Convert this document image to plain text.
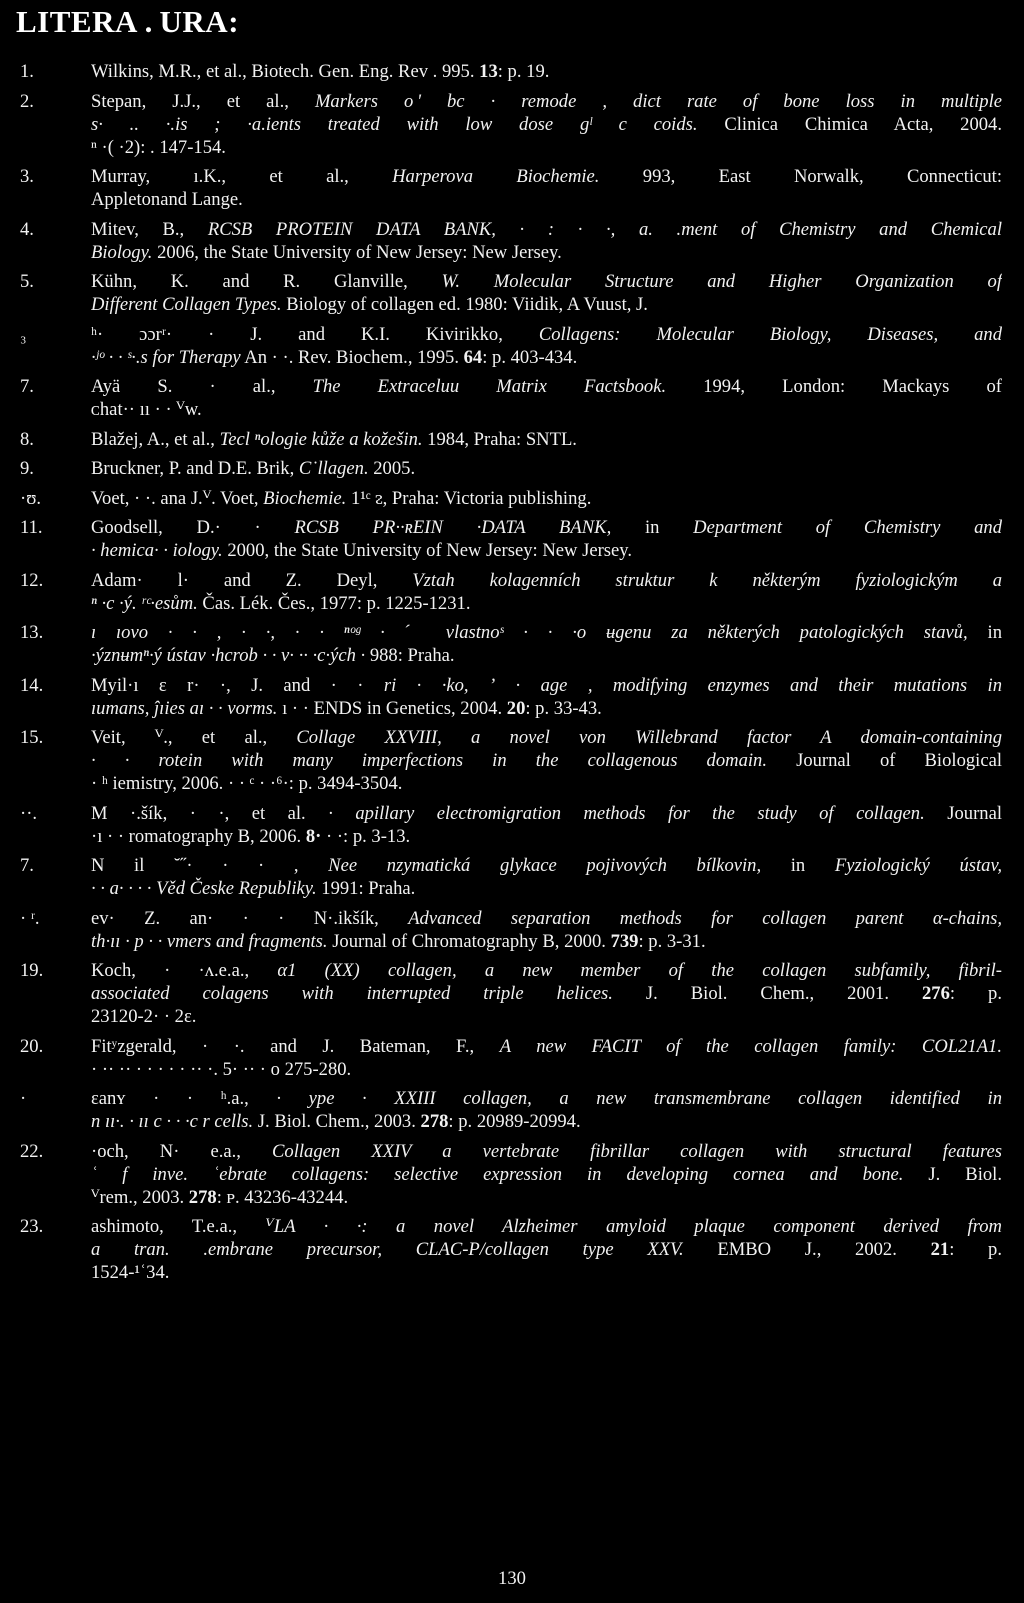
LITERA . URA:
1.	Wilkins, M.R., et al., Biotech. Gen. Eng. Rev . 995. 13: p. 19.
2.	Stepan, J.J., et al., Markers o ' bc · remode , dict rate of bone loss in multiple
s· .. ·.is ; ·a.ients treated with low dose gˡ c coids. Clinica Chimica Acta, 2004.
ⁿ ·( ·2): . 147-154.
3.	Murray, ı.K., et al., Harperova Biochemie. 993, East Norwalk, Connecticut:
Appletonand Lange.
4.	Mitev, B., RCSB PROTEIN DATA BANK, · : · ·, a. .ment of Chemistry and Chemical
Biology. 2006, the State University of New Jersey: New Jersey.
5.	Kühn, K. and R. Glanville, W. Molecular Structure and Higher Organization of
Different Collagen Types. Biology of collagen ed. 1980: Viidik, A Vuust, J.
₃	ʰ· ɔɔrʳ· · J. and K.I. Kivirikko, Collagens: Molecular Biology, Diseases, and
·ʲᵒ · · ˢ·.s for Therapy An · ·. Rev. Biochem., 1995. 64: p. 403-434.
7.	Ayä S. · al., The Extraceluu Matrix Factsbook. 1994, London: Mackays of
ᴄhat·· ıı · · ⱽw.
8.	Blažej, A., et al., Tecl ⁿologie kůže a kožešin. 1984, Praha: SNTL.
9.	Bruckner, P. and D.E. Brik, C˙llagen. 2005.
·ʊ.	Voet, · ·. ana J.ⱽ. Voet, Biochemie. 1¹ᶜ ᴤ, Praha: Victoria publishing.
11.	Goodsell, D.· · RCSB PR··ʀEIN ·DATA BANK, in Department of Chemistry and
· hemica· · iology. 2000, the State University of New Jersey: New Jersey.
12.	Adam· l· and Z. Deyl, Vztah kolagenních struktur k některým fyziologickým a
ⁿ ·c ·ý. ʳᶜ·esům. Čas. Lék. Čes., 1977: p. 1225-1231.
13.	ı ıovo · · , · ·, · · ⁿᵒᵍ · ˊ vlastnoˢ · · ·o ʉgenu za některých patologických stavů, in
·ýznʉmⁿ·ý ústav ·hcrob · · v· ·· ·c·ých · 988: Praha.
14.	Myil·ı ɛ r· ·, J. and · · ri · ·ko, ʼ · age , modifying enzymes and their mutations in
ıumans, ĵıies aı · · vorms. ı · · ENDS in Genetics, 2004. 20: p. 33-43.
15.	Veit, ⱽ., et al., Collage XXVIII, a novel von Willebrand factor A domain-containing
· · rotein with many imperfections in the collagenous domain. Journal of Biological
· ʰ iemistry, 2006. · · ᶜ · ·⁶·: p. 3494-3504.
··.	M ·.šík, · ·, et al. · apillary electromigration methods for the study of collagen. Journal
·ı · · romatography B, 2006. 8· · ·: p. 3-13.
7.	N il ˘˝· · · , Nee nzymatická glykace pojivových bílkovin, in Fyziologický ústav,
· · a· · · · Věd Česke Republiky. 1991: Praha.
· ʳ.	ev· Z. an· · · N·.ikšík, Advanced separation methods for collagen parent α-chains,
th·ıı · p · · vmers and fragments. Journal of Chromatography B, 2000. 739: p. 3-31.
19.	Koch, · ·ʌ.e.a., α1 (XX) collagen, a new member of the collagen subfamily, fibril-
associated colagens with interrupted triple helices. J. Biol. Chem., 2001. 276: p.
23120-2· · 2ɛ.
20.	Fitʸzgerald, · ·. and J. Bateman, F., A new FACIT of the collagen family: COL21A1.
· ·· ·· · · · · · ·· ·. 5· ·· · ο 275-280.
·	ɛanʏ · · ʰ.a., · ype · XXIII collagen, a new transmembrane collagen identified in
n ıı·. · ıı c · · ·c r cells. J. Biol. Chem., 2003. 278: p. 20989-20994.
22.	·och, N· e.a., Collagen XXIV a vertebrate fibrillar collagen with structural features
ʿ f inve. ʿebrate collagens: selective expression in developing cornea and bone. J. Biol.
ⱽrem., 2003. 278: ᴩ. 43236-43244.
23.	ashimoto, T.e.a., ⱽLA · ·: a novel Alzheimer amyloid plaque component derived from
a tran. .embrane precursor, CLAC-P/collagen type XXV. EMBO J., 2002. 21: p.
1524-¹ʿ34.
130
